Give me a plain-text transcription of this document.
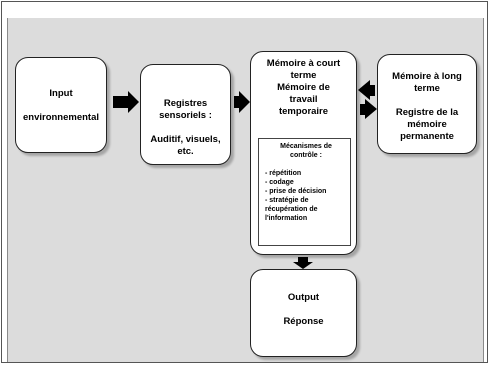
Input

environnemental

Registres

sensoriels :

Auditif, visuels,

etc.

Mémoire à court

terme

Mémoire de

travail

temporaire

Mécanismes de
contrôle :

- répétition
- codage
- prise de décision
- stratégie de
récupération de
l'information

Mémoire à long

terme

Registre de la

mémoire

permanente

Output

Réponse
